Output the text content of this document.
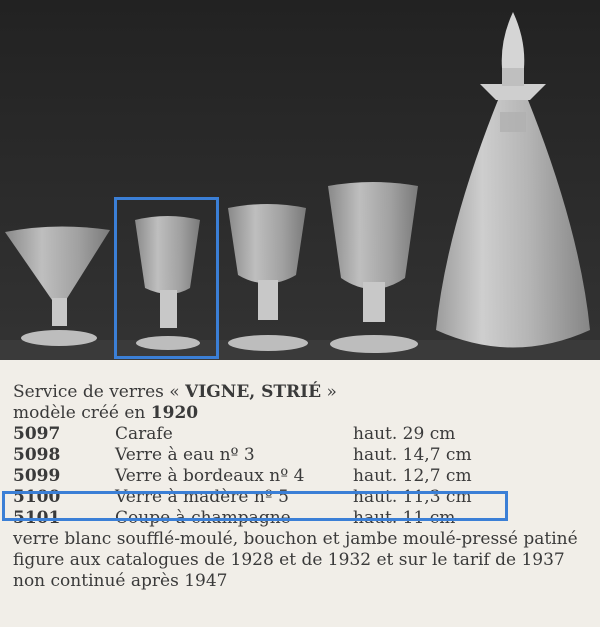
Service de verres « VIGNE, STRIÉ »
modèle créé en 1920
5097	Carafe	haut. 29 cm
5098	Verre à eau nº 3	haut. 14,7 cm
5099	Verre à bordeaux nº 4	haut. 12,7 cm
5100	Verre à madère nº 5	haut. 11,3 cm
5101	Coupe à champagne	haut. 11 cm
verre blanc soufflé-moulé, bouchon et jambe moulé-pressé patiné
figure aux catalogues de 1928 et de 1932 et sur le tarif de 1937
non continué après 1947
